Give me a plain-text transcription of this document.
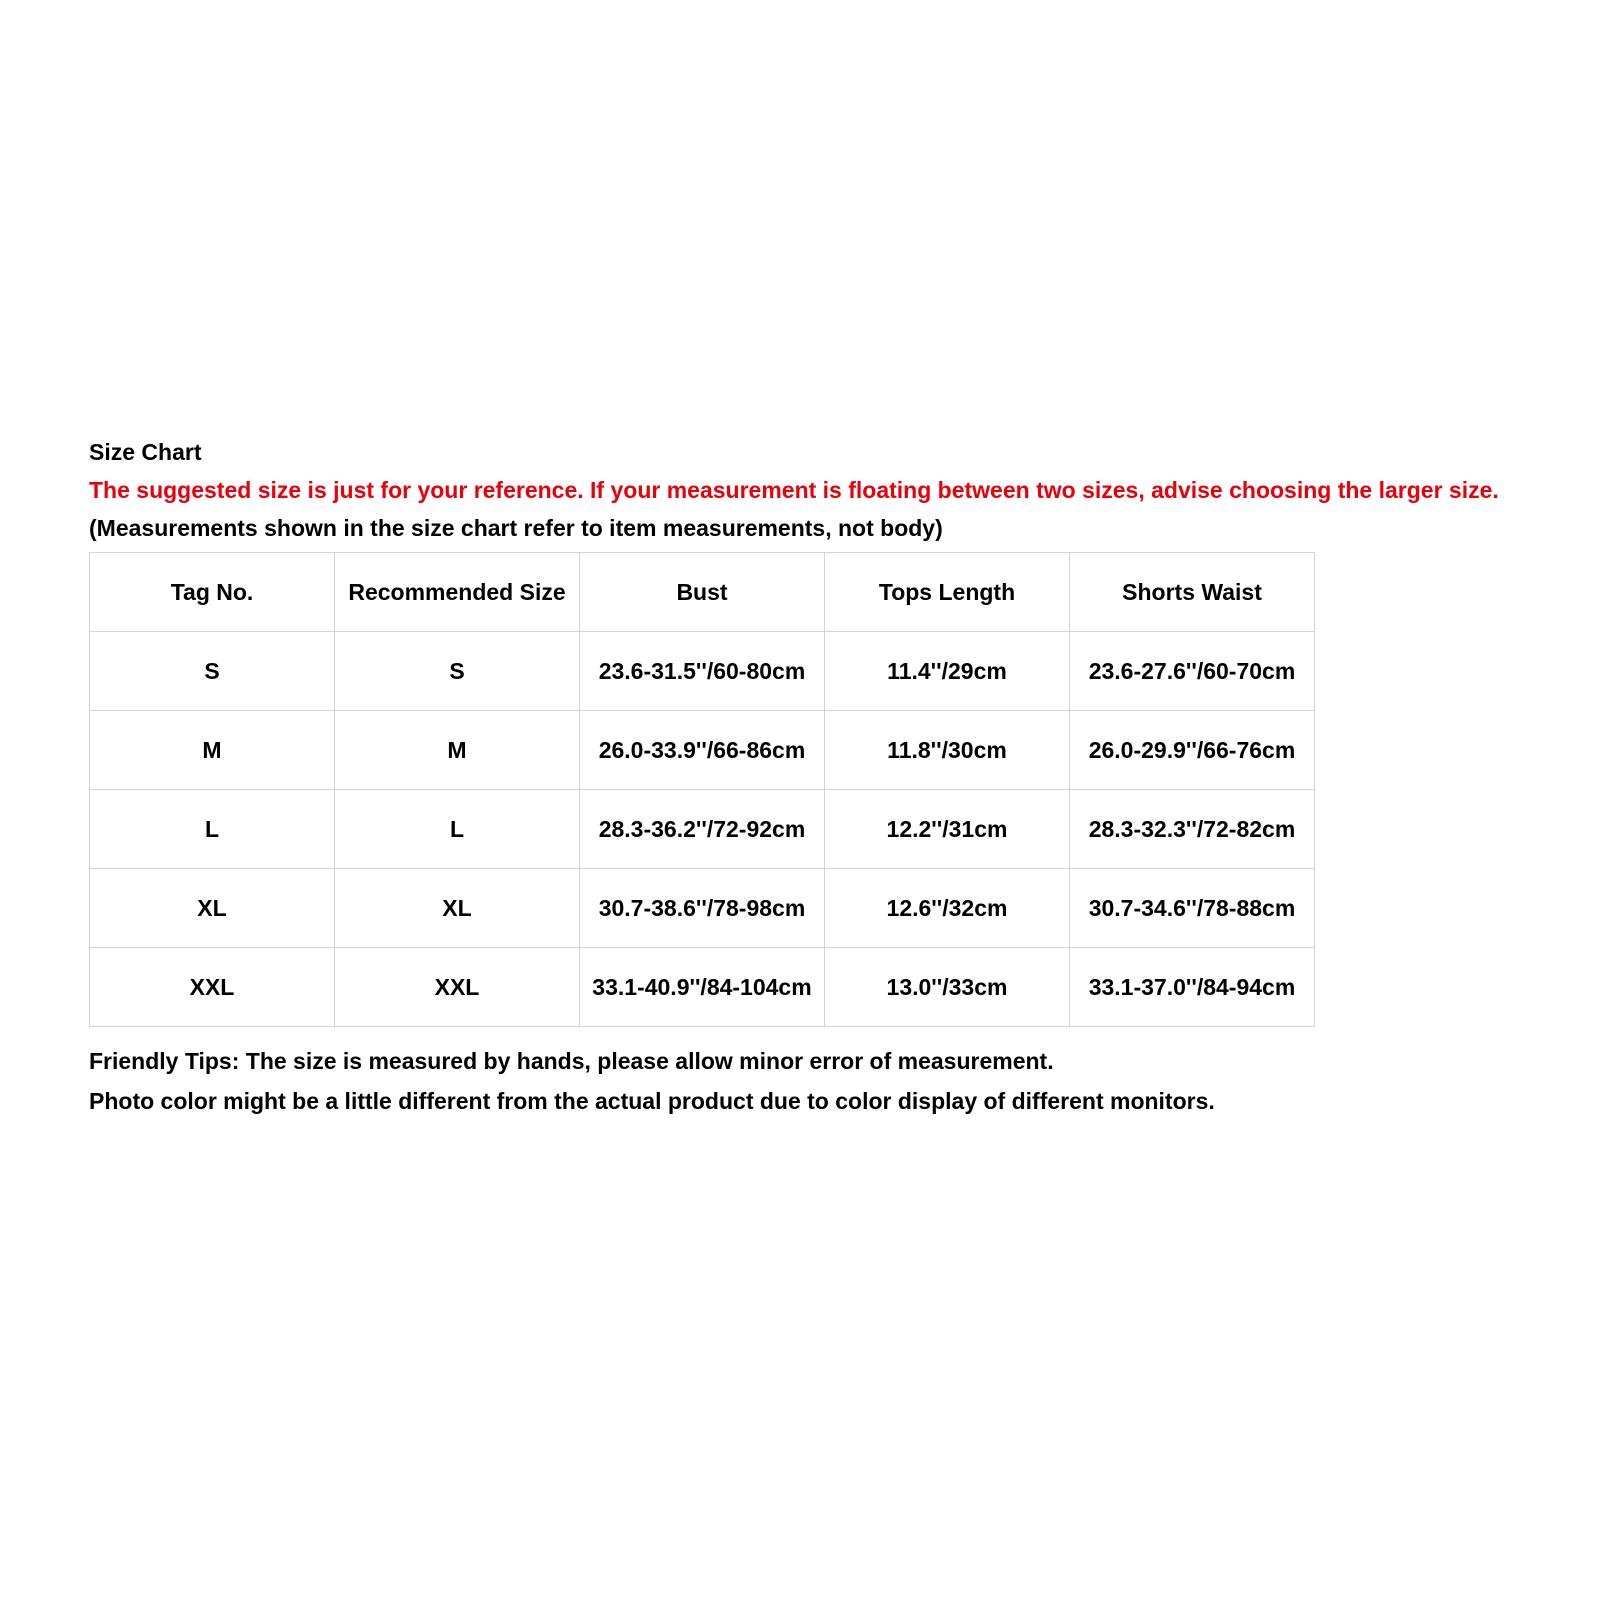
Size Chart
The suggested size is just for your reference. If your measurement is floating between two sizes, advise choosing the larger size.
(Measurements shown in the size chart refer to item measurements, not body)
Tag No.	Recommended Size	Bust	Tops Length	Shorts Waist
S	S	23.6-31.5''/60-80cm	11.4''/29cm	23.6-27.6''/60-70cm
M	M	26.0-33.9''/66-86cm	11.8''/30cm	26.0-29.9''/66-76cm
L	L	28.3-36.2''/72-92cm	12.2''/31cm	28.3-32.3''/72-82cm
XL	XL	30.7-38.6''/78-98cm	12.6''/32cm	30.7-34.6''/78-88cm
XXL	XXL	33.1-40.9''/84-104cm	13.0''/33cm	33.1-37.0''/84-94cm
Friendly Tips: The size is measured by hands, please allow minor error of measurement.
Photo color might be a little different from the actual product due to color display of different monitors.
